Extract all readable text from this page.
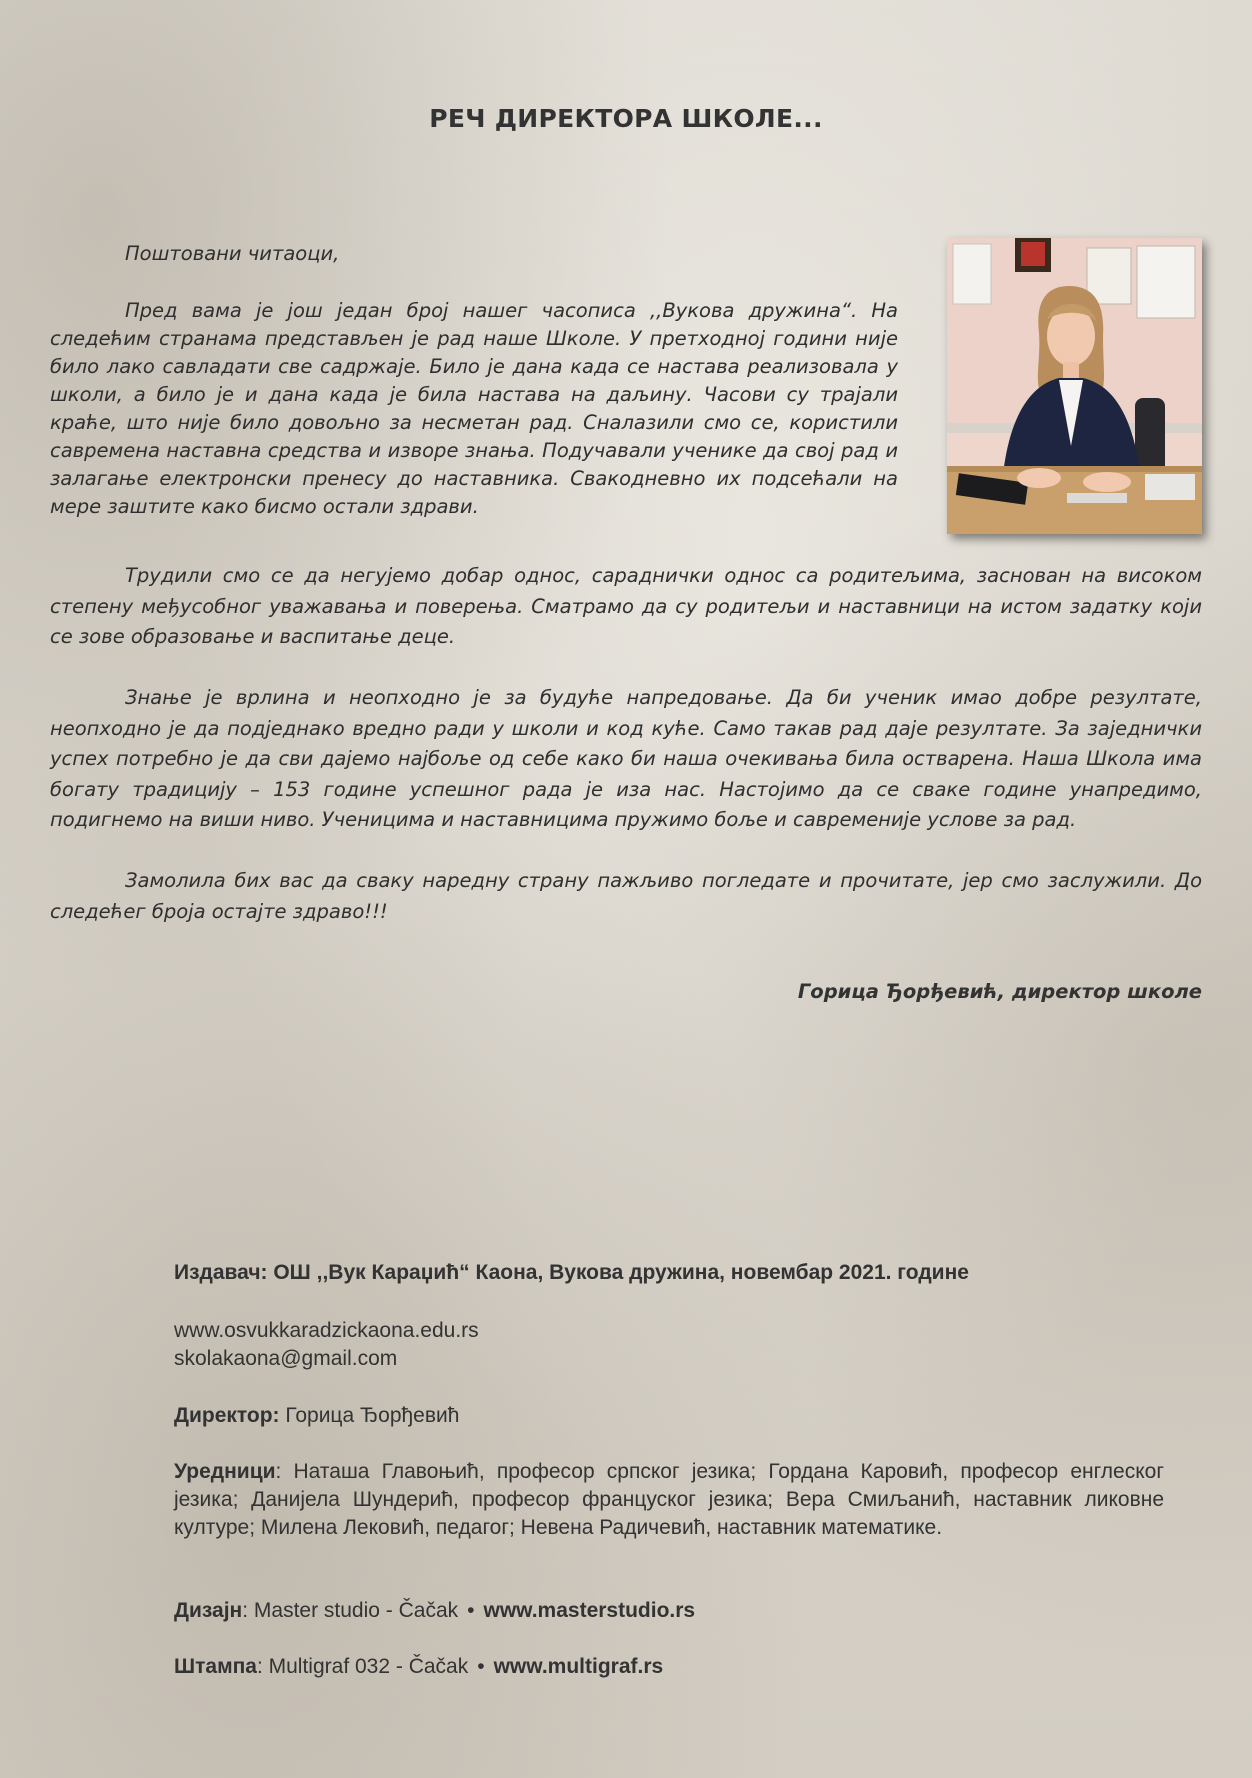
РЕЧ ДИРЕКТОРА ШКОЛЕ...
Поштовани читаоци,

Пред вама је још један број нашег часописа ,,Вукова дружина“. На следећим странама представљен је рад наше Школе. У претходној години није било лако савладати све садржаје. Било је дана када се настава реализовала у школи, а било је и дана када је била настава на даљину. Часови су трајали краће, што није било довољно за несметан рад. Сналазили смо се, користили савремена наставна средства и изворе знања. Подучавали ученике да свој рад и залагање електронски пренесу до наставника. Свакодневно их подсећали на мере заштите како бисмо остали здрави.

Трудили смо се да негујемо добар однос, сараднички однос са родитељима, заснован на високом степену међусобног уважавања и поверења. Сматрамо да су родитељи и наставници на истом задатку који се зове образовање и васпитање деце.

Знање је врлина и неопходно је за будуће напредовање. Да би ученик имао добре резултате, неопходно је да подједнако вредно ради у школи и код куће. Само такав рад даје резултате. За заједнички успех потребно је да сви дајемо најбоље од себе како би наша очекивања била остварена. Наша Школа има богату традицију – 153 године успешног рада је иза нас. Настојимо да се сваке године унапредимо, подигнемо на виши ниво. Ученицима и наставницима пружимо боље и савременије услове за рад.

Замолила бих вас да сваку наредну страну пажљиво погледате и прочитате, јер смо заслужили. До следећег броја остајте здраво!!!

Горица Ђорђевић, директор школе
Издавач: ОШ ,,Вук Караџић“ Каона, Вукова дружина, новембар 2021. године
www.osvukkaradzickaona.edu.rs
skolakaona@gmail.com
Директор: Горица Ђорђевић
Уредници: Наташа Главоњић, професор српског језика; Гордана Каровић, професор енглеског језика; Данијела Шундерић, професор француског језика; Вера Смиљанић, наставник ликовне културе; Милена Лековић, педагог; Невена Радичевић, наставник математике.
Дизајн: Master studio - Čačak • www.masterstudio.rs
Штампа: Multigraf 032 - Čačak • www.multigraf.rs
